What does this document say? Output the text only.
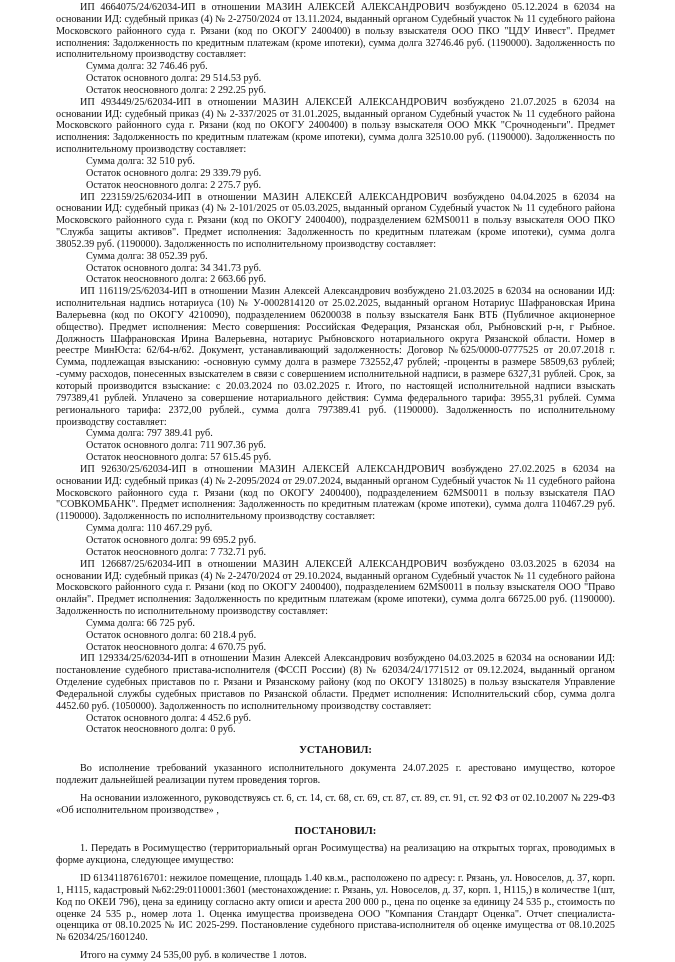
ИП 4664075/24/62034-ИП в отношении МАЗИН АЛЕКСЕЙ АЛЕКСАНДРОВИЧ возбуждено 05.12.2024 в 62034 на основании ИД: судебный приказ (4) № 2-2750/2024 от 13.11.2024, выданный органом Судебный участок № 11 судебного района Московского районного суда г. Рязани (код по ОКОГУ 2400400) в пользу взыскателя ООО ПКО "ЦДУ Инвест". Предмет исполнения: Задолженность по кредитным платежам (кроме ипотеки), сумма долга 32746.46 руб. (1190000). Задолженность по исполнительному производству составляет:

Сумма долга: 32 746.46 руб.
Остаток основного долга: 29 514.53 руб.
Остаток неосновного долга: 2 292.25 руб.

ИП 493449/25/62034-ИП в отношении МАЗИН АЛЕКСЕЙ АЛЕКСАНДРОВИЧ возбуждено 21.07.2025 в 62034 на основании ИД: судебный приказ (4) № 2-337/2025 от 31.01.2025, выданный органом Судебный участок № 11 судебного района Московского районного суда г. Рязани (код по ОКОГУ 2400400) в пользу взыскателя ООО МКК "Срочноденьги". Предмет исполнения: Задолженность по кредитным платежам (кроме ипотеки), сумма долга 32510.00 руб. (1190000). Задолженность по исполнительному производству составляет:

Сумма долга: 32 510 руб.
Остаток основного долга: 29 339.79 руб.
Остаток неосновного долга: 2 275.7 руб.

ИП 223159/25/62034-ИП в отношении МАЗИН АЛЕКСЕЙ АЛЕКСАНДРОВИЧ возбуждено 04.04.2025 в 62034 на основании ИД: судебный приказ (4) № 2-101/2025 от 05.03.2025, выданный органом Судебный участок № 11 судебного района Московского районного суда г. Рязани (код по ОКОГУ 2400400), подразделением 62MS0011 в пользу взыскателя ООО ПКО "Служба защиты активов". Предмет исполнения: Задолженность по кредитным платежам (кроме ипотеки), сумма долга 38052.39 руб. (1190000). Задолженность по исполнительному производству составляет:

Сумма долга: 38 052.39 руб.
Остаток основного долга: 34 341.73 руб.
Остаток неосновного долга: 2 663.66 руб.

ИП 116119/25/62034-ИП в отношении Мазин Алексей Александрович возбуждено 21.03.2025 в 62034 на основании ИД: исполнительная надпись нотариуса (10) № У-0002814120 от 25.02.2025, выданный органом Нотариус Шафрановская Ирина Валерьевна (код по ОКОГУ 4210090), подразделением 06200038 в пользу взыскателя Банк ВТБ (Публичное акционерное общество). Предмет исполнения: Место совершения: Российская Федерация, Рязанская обл, Рыбновский р-н, г Рыбное. Должность Шафрановская Ирина Валерьевна, нотариус Рыбновского нотариального округа Рязанской области. Номер в реестре МинЮста: 62/64-н/62. Документ, устанавливающий задолженность: Договор №625/0000-0777525 от 20.07.2018 г. Сумма, подлежащая взысканию: -основную сумму долга в размере 732552,47 рублей; -проценты в размере 58509,63 рублей; -сумму расходов, понесенных взыскателем в связи с совершением исполнительной надписи, в размере 6327,31 рублей. Срок, за который производится взыскание: с 20.03.2024 по 03.02.2025 г. Итого, по настоящей исполнительной надписи взыскать 797389,41 рублей. Уплачено за совершение нотариального действия: Сумма федерального тарифа: 3955,31 рублей. Сумма регионального тарифа: 2372,00 рублей., сумма долга 797389.41 руб. (1190000). Задолженность по исполнительному производству составляет:

Сумма долга: 797 389.41 руб.
Остаток основного долга: 711 907.36 руб.
Остаток неосновного долга: 57 615.45 руб.

ИП 92630/25/62034-ИП в отношении МАЗИН АЛЕКСЕЙ АЛЕКСАНДРОВИЧ возбуждено 27.02.2025 в 62034 на основании ИД: судебный приказ (4) № 2-2095/2024 от 29.07.2024, выданный органом Судебный участок № 11 судебного района Московского районного суда г. Рязани (код по ОКОГУ 2400400), подразделением 62MS0011 в пользу взыскателя ПАО "СОВКОМБАНК". Предмет исполнения: Задолженность по кредитным платежам (кроме ипотеки), сумма долга 110467.29 руб. (1190000). Задолженность по исполнительному производству составляет:

Сумма долга: 110 467.29 руб.
Остаток основного долга: 99 695.2 руб.
Остаток неосновного долга: 7 732.71 руб.

ИП 126687/25/62034-ИП в отношении МАЗИН АЛЕКСЕЙ АЛЕКСАНДРОВИЧ возбуждено 03.03.2025 в 62034 на основании ИД: судебный приказ (4) № 2-2470/2024 от 29.10.2024, выданный органом Судебный участок № 11 судебного района Московского районного суда г. Рязани (код по ОКОГУ 2400400), подразделением 62MS0011 в пользу взыскателя ООО "Право онлайн". Предмет исполнения: Задолженность по кредитным платежам (кроме ипотеки), сумма долга 66725.00 руб. (1190000). Задолженность по исполнительному производству составляет:

Сумма долга: 66 725 руб.
Остаток основного долга: 60 218.4 руб.
Остаток неосновного долга: 4 670.75 руб.

ИП 129334/25/62034-ИП в отношении Мазин Алексей Александрович возбуждено 04.03.2025 в 62034 на основании ИД: постановление судебного пристава-исполнителя (ФССП России) (8) № 62034/24/1771512 от 09.12.2024, выданный органом Отделение судебных приставов по г. Рязани и Рязанскому району (код по ОКОГУ 1318025) в пользу взыскателя Управление Федеральной службы судебных приставов по Рязанской области. Предмет исполнения: Исполнительский сбор, сумма долга 4452.60 руб. (1050000). Задолженность по исполнительному производству составляет:

Остаток основного долга: 4 452.6 руб.
Остаток неосновного долга: 0 руб.

УСТАНОВИЛ:

Во исполнение требований указанного исполнительного документа 24.07.2025 г. арестовано имущество, которое подлежит дальнейшей реализации путем проведения торгов.

На основании изложенного, руководствуясь ст. 6, ст. 14, ст. 68, ст. 69, ст. 87, ст. 89, ст. 91, ст. 92 ФЗ от 02.10.2007 № 229-ФЗ «Об исполнительном производстве» ,

ПОСТАНОВИЛ:

1. Передать в Росимущество (территориальный орган Росимущества) на реализацию на открытых торгах, проводимых в форме аукциона, следующее имущество:

ID 61341187616701: нежилое помещение, площадь 1.40 кв.м., расположено по адресу: г. Рязань, ул. Новоселов, д. 37, корп. 1, Н115, кадастровый №62:29:0110001:3601 (местонахождение: г. Рязань, ул. Новоселов, д. 37, корп. 1, Н115,) в количестве 1(шт, Код по ОКЕИ 796), цена за единицу согласно акту описи и ареста 200 000 р., цена по оценке за единицу 24 535 р., стоимость по оценке 24 535 р., номер лота 1. Оценка имущества произведена ООО "Компания Стандарт Оценка". Отчет специалиста-оценщика от 08.10.2025 № ИС 2025-299. Постановление судебного пристава-исполнителя об оценке имущества от 08.10.2025 № 62034/25/1601240.

Итого на сумму 24 535,00 руб. в количестве 1 лотов.
